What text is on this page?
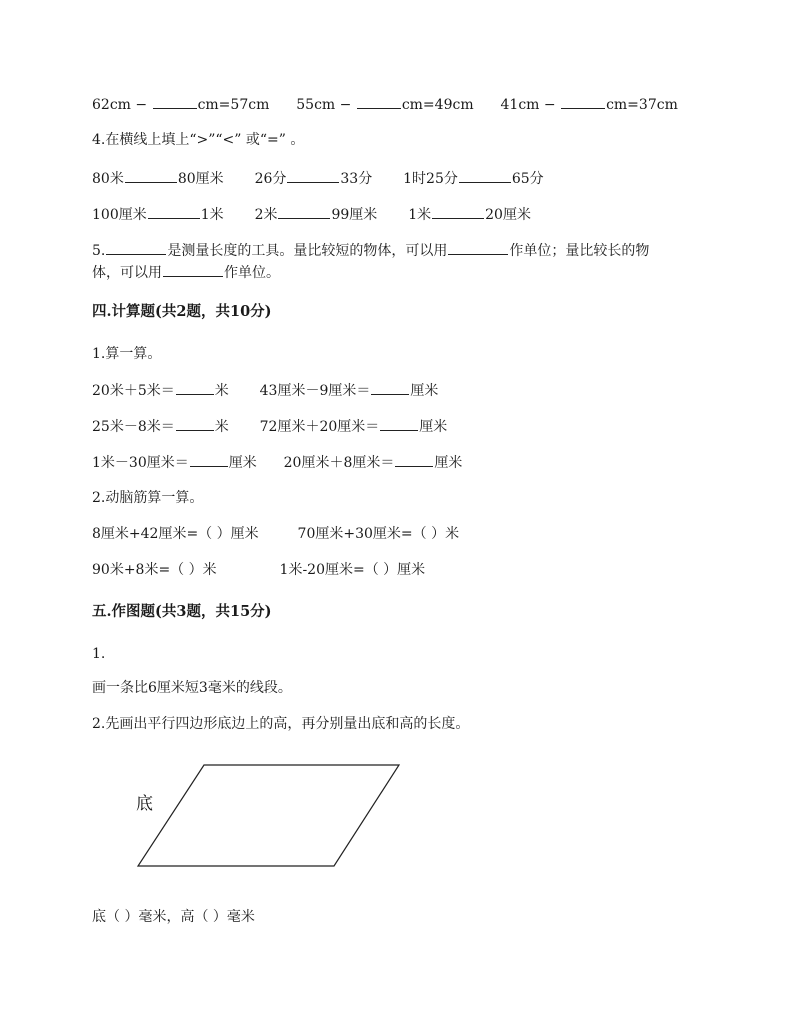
62cm −	cm=57cm 55cm −	cm=49cm 41cm −	cm=37cm
4.在横线上填上“>”“<” 或“=” 。
80米	80厘米 26分	33分 1时25分	65分
100厘米	1米 2米	99厘米 1米	20厘米
5.	是测量长度的工具。量比较短的物体，可以用	作单位；量比较长的物
体，可以用	作单位。
四.计算题(共2题，共10分)
1.算一算。
20米＋5米＝	米 43厘米－9厘米＝	厘米
25米－8米＝	米 72厘米＋20厘米＝	厘米
1米－30厘米＝	厘米 20厘米＋8厘米＝	厘米
2.动脑筋算一算。
8厘米+42厘米=（ ）厘米	70厘米+30厘米=（ ）米
90米+8米=（ ）米	1米-20厘米=（ ）厘米
五.作图题(共3题，共15分)
1.
画一条比6厘米短3毫米的线段。
2.先画出平行四边形底边上的高，再分别量出底和高的长度。
底
底（ ）毫米，高（ ）毫米
